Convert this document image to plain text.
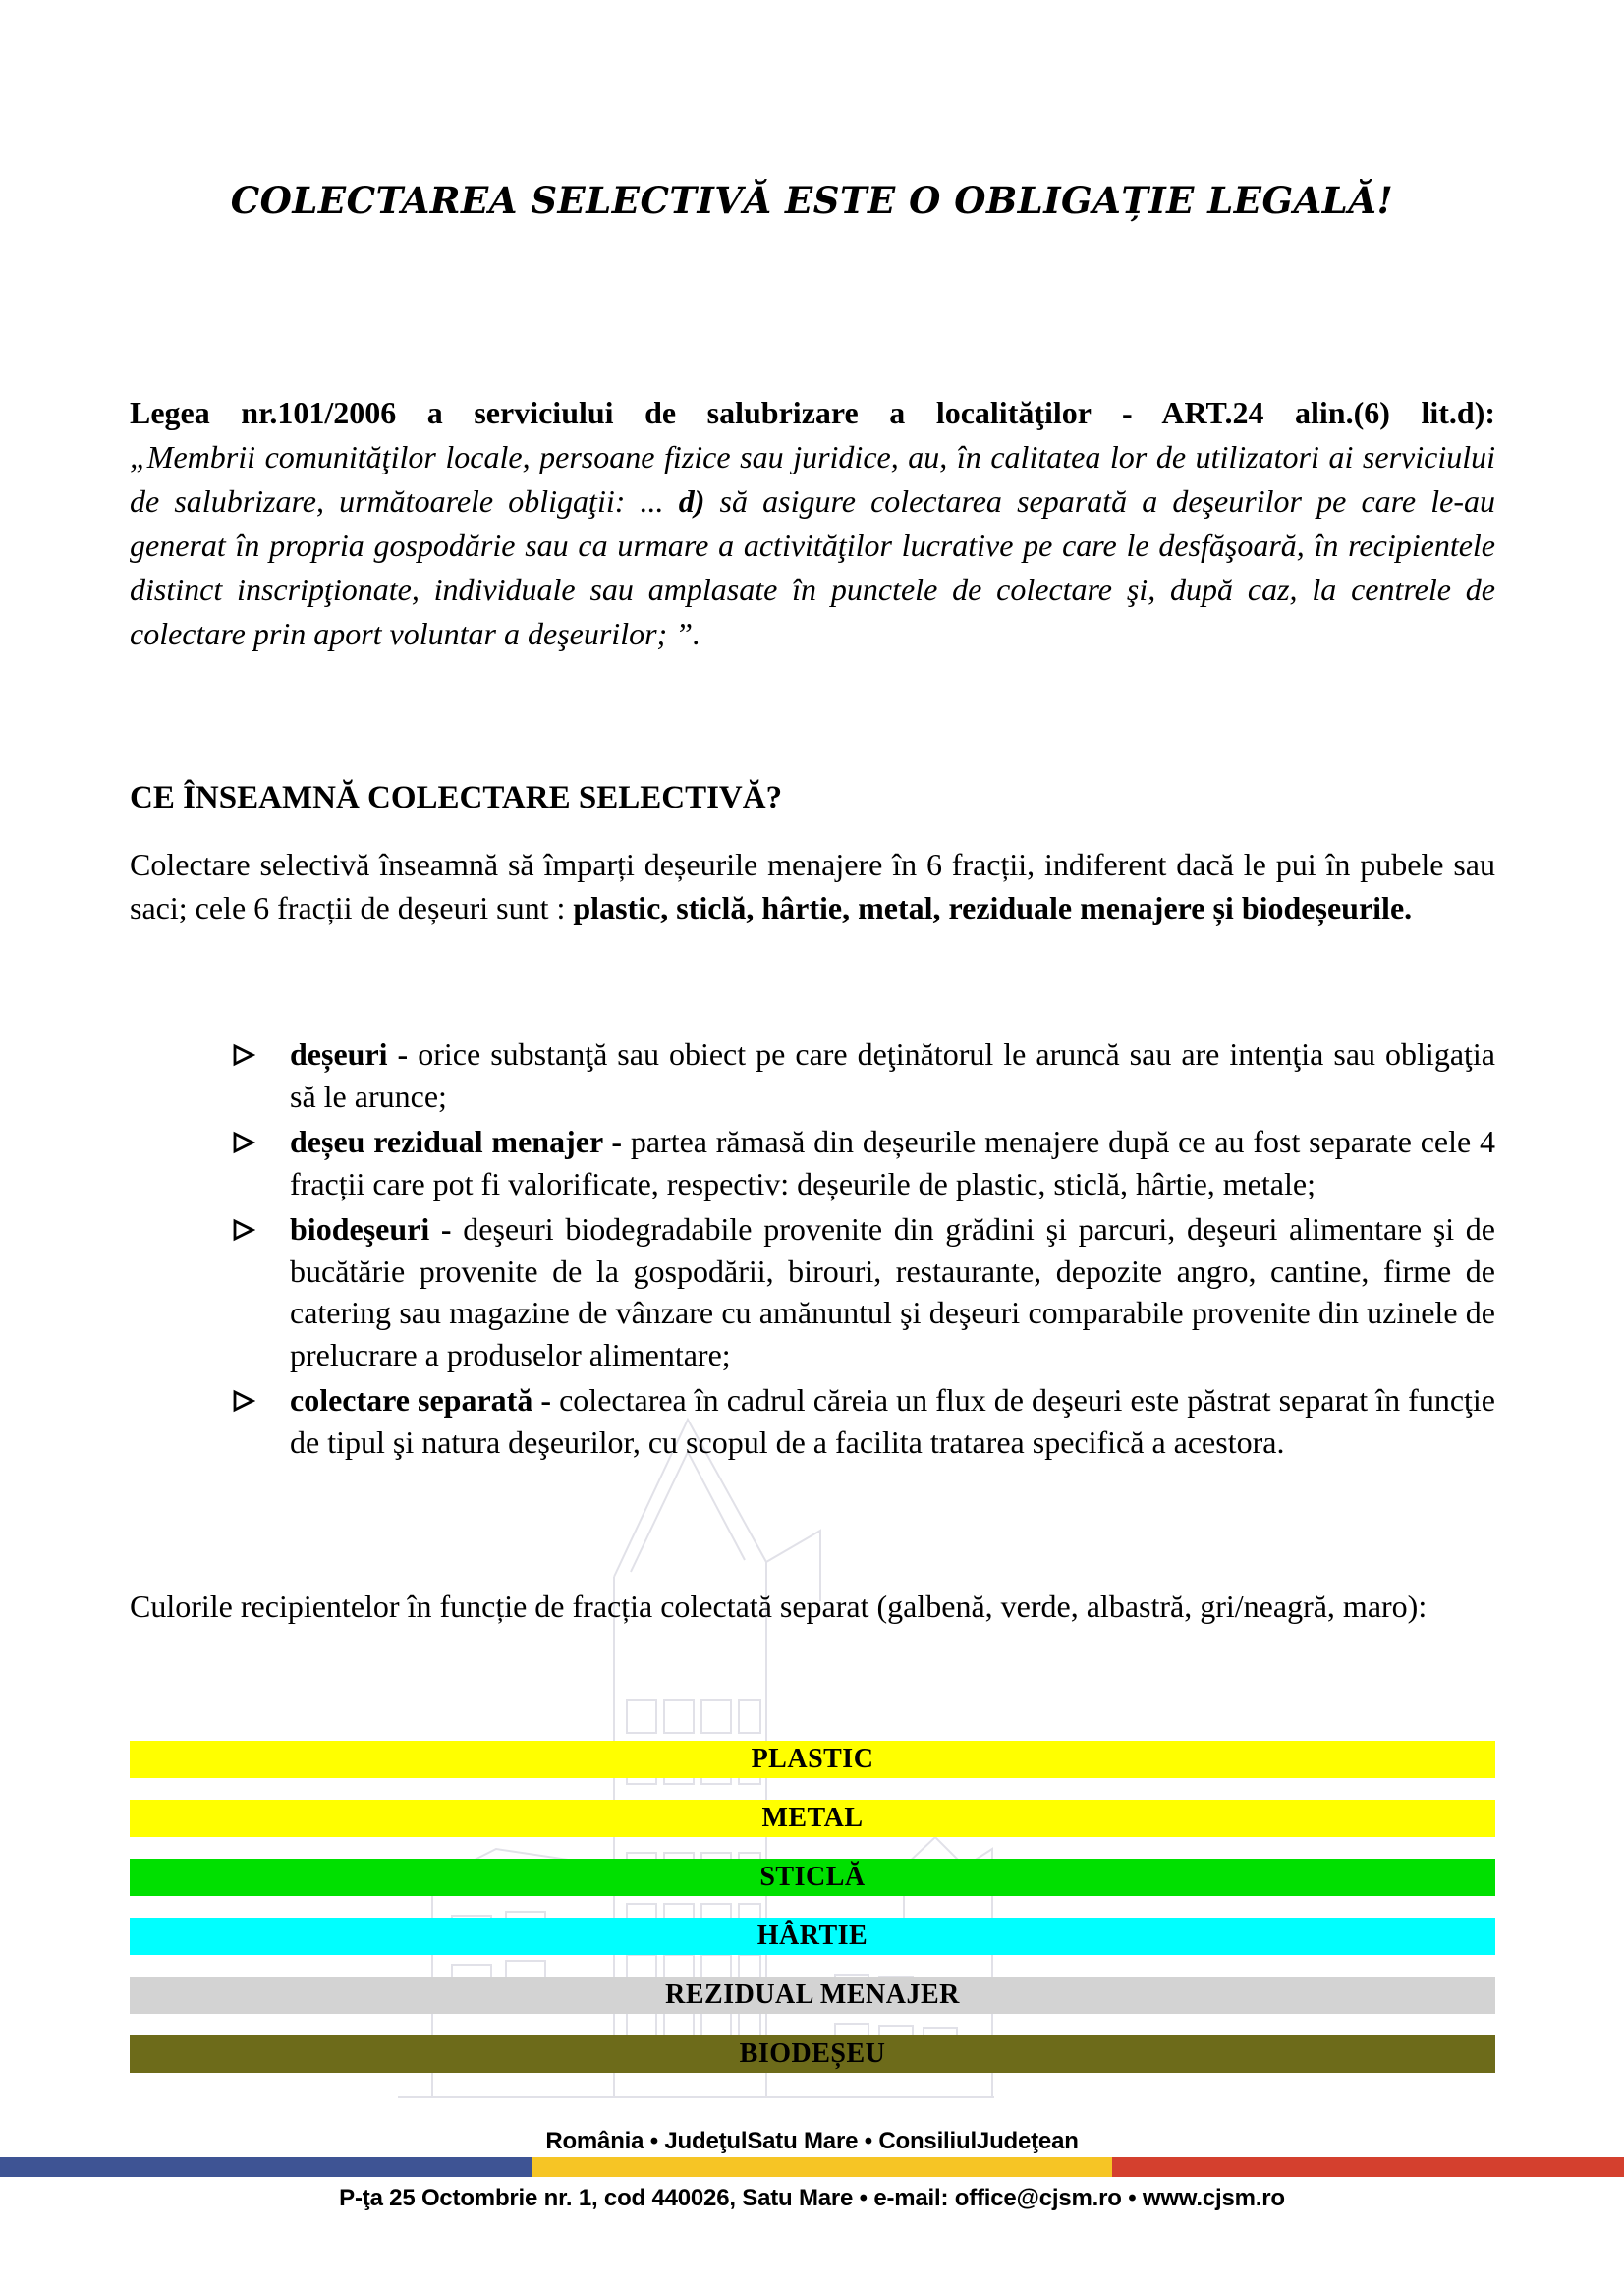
COLECTAREA SELECTIVĂ ESTE O OBLIGAȚIE LEGALĂ!
Legea nr.101/2006 a serviciului de salubrizare a localităţilor - ART.24 alin.(6) lit.d):
„Membrii comunităţilor locale, persoane fizice sau juridice, au, în calitatea lor de utilizatori ai serviciului de salubrizare, următoarele obligaţii: ... d) să asigure colectarea separată a deşeurilor pe care le-au generat în propria gospodărie sau ca urmare a activităţilor lucrative pe care le desfăşoară, în recipientele distinct inscripţionate, individuale sau amplasate în punctele de colectare şi, după caz, la centrele de colectare prin aport voluntar a deşeurilor; ”.
CE ÎNSEAMNĂ COLECTARE SELECTIVĂ?
Colectare selectivă înseamnă să împarți deșeurile menajere în 6 fracții, indiferent dacă le pui în pubele sau saci; cele 6 fracții de deșeuri sunt : plastic, sticlă, hârtie, metal, reziduale menajere și biodeșeurile.
deșeuri - orice substanţă sau obiect pe care deţinătorul le aruncă sau are intenţia sau obligaţia să le arunce;
deșeu rezidual menajer - partea rămasă din deșeurile menajere după ce au fost separate cele 4 fracții care pot fi valorificate, respectiv: deșeurile de plastic, sticlă, hârtie, metale;
biodeşeuri - deşeuri biodegradabile provenite din grădini şi parcuri, deşeuri alimentare şi de bucătărie provenite de la gospodării, birouri, restaurante, depozite angro, cantine, firme de catering sau magazine de vânzare cu amănuntul şi deşeuri comparabile provenite din uzinele de prelucrare a produselor alimentare;
colectare separată - colectarea în cadrul căreia un flux de deşeuri este păstrat separat în funcţie de tipul şi natura deşeurilor, cu scopul de a facilita tratarea specifică a acestora.
Culorile recipientelor în funcție de fracția colectată separat (galbenă, verde, albastră, gri/neagră, maro):
PLASTIC
METAL
STICLĂ
HÂRTIE
REZIDUAL MENAJER
BIODEȘEU
România • JudeţulSatu Mare • ConsiliulJudeţean
P-ţa 25 Octombrie nr. 1, cod 440026, Satu Mare • e-mail: office@cjsm.ro • www.cjsm.ro
